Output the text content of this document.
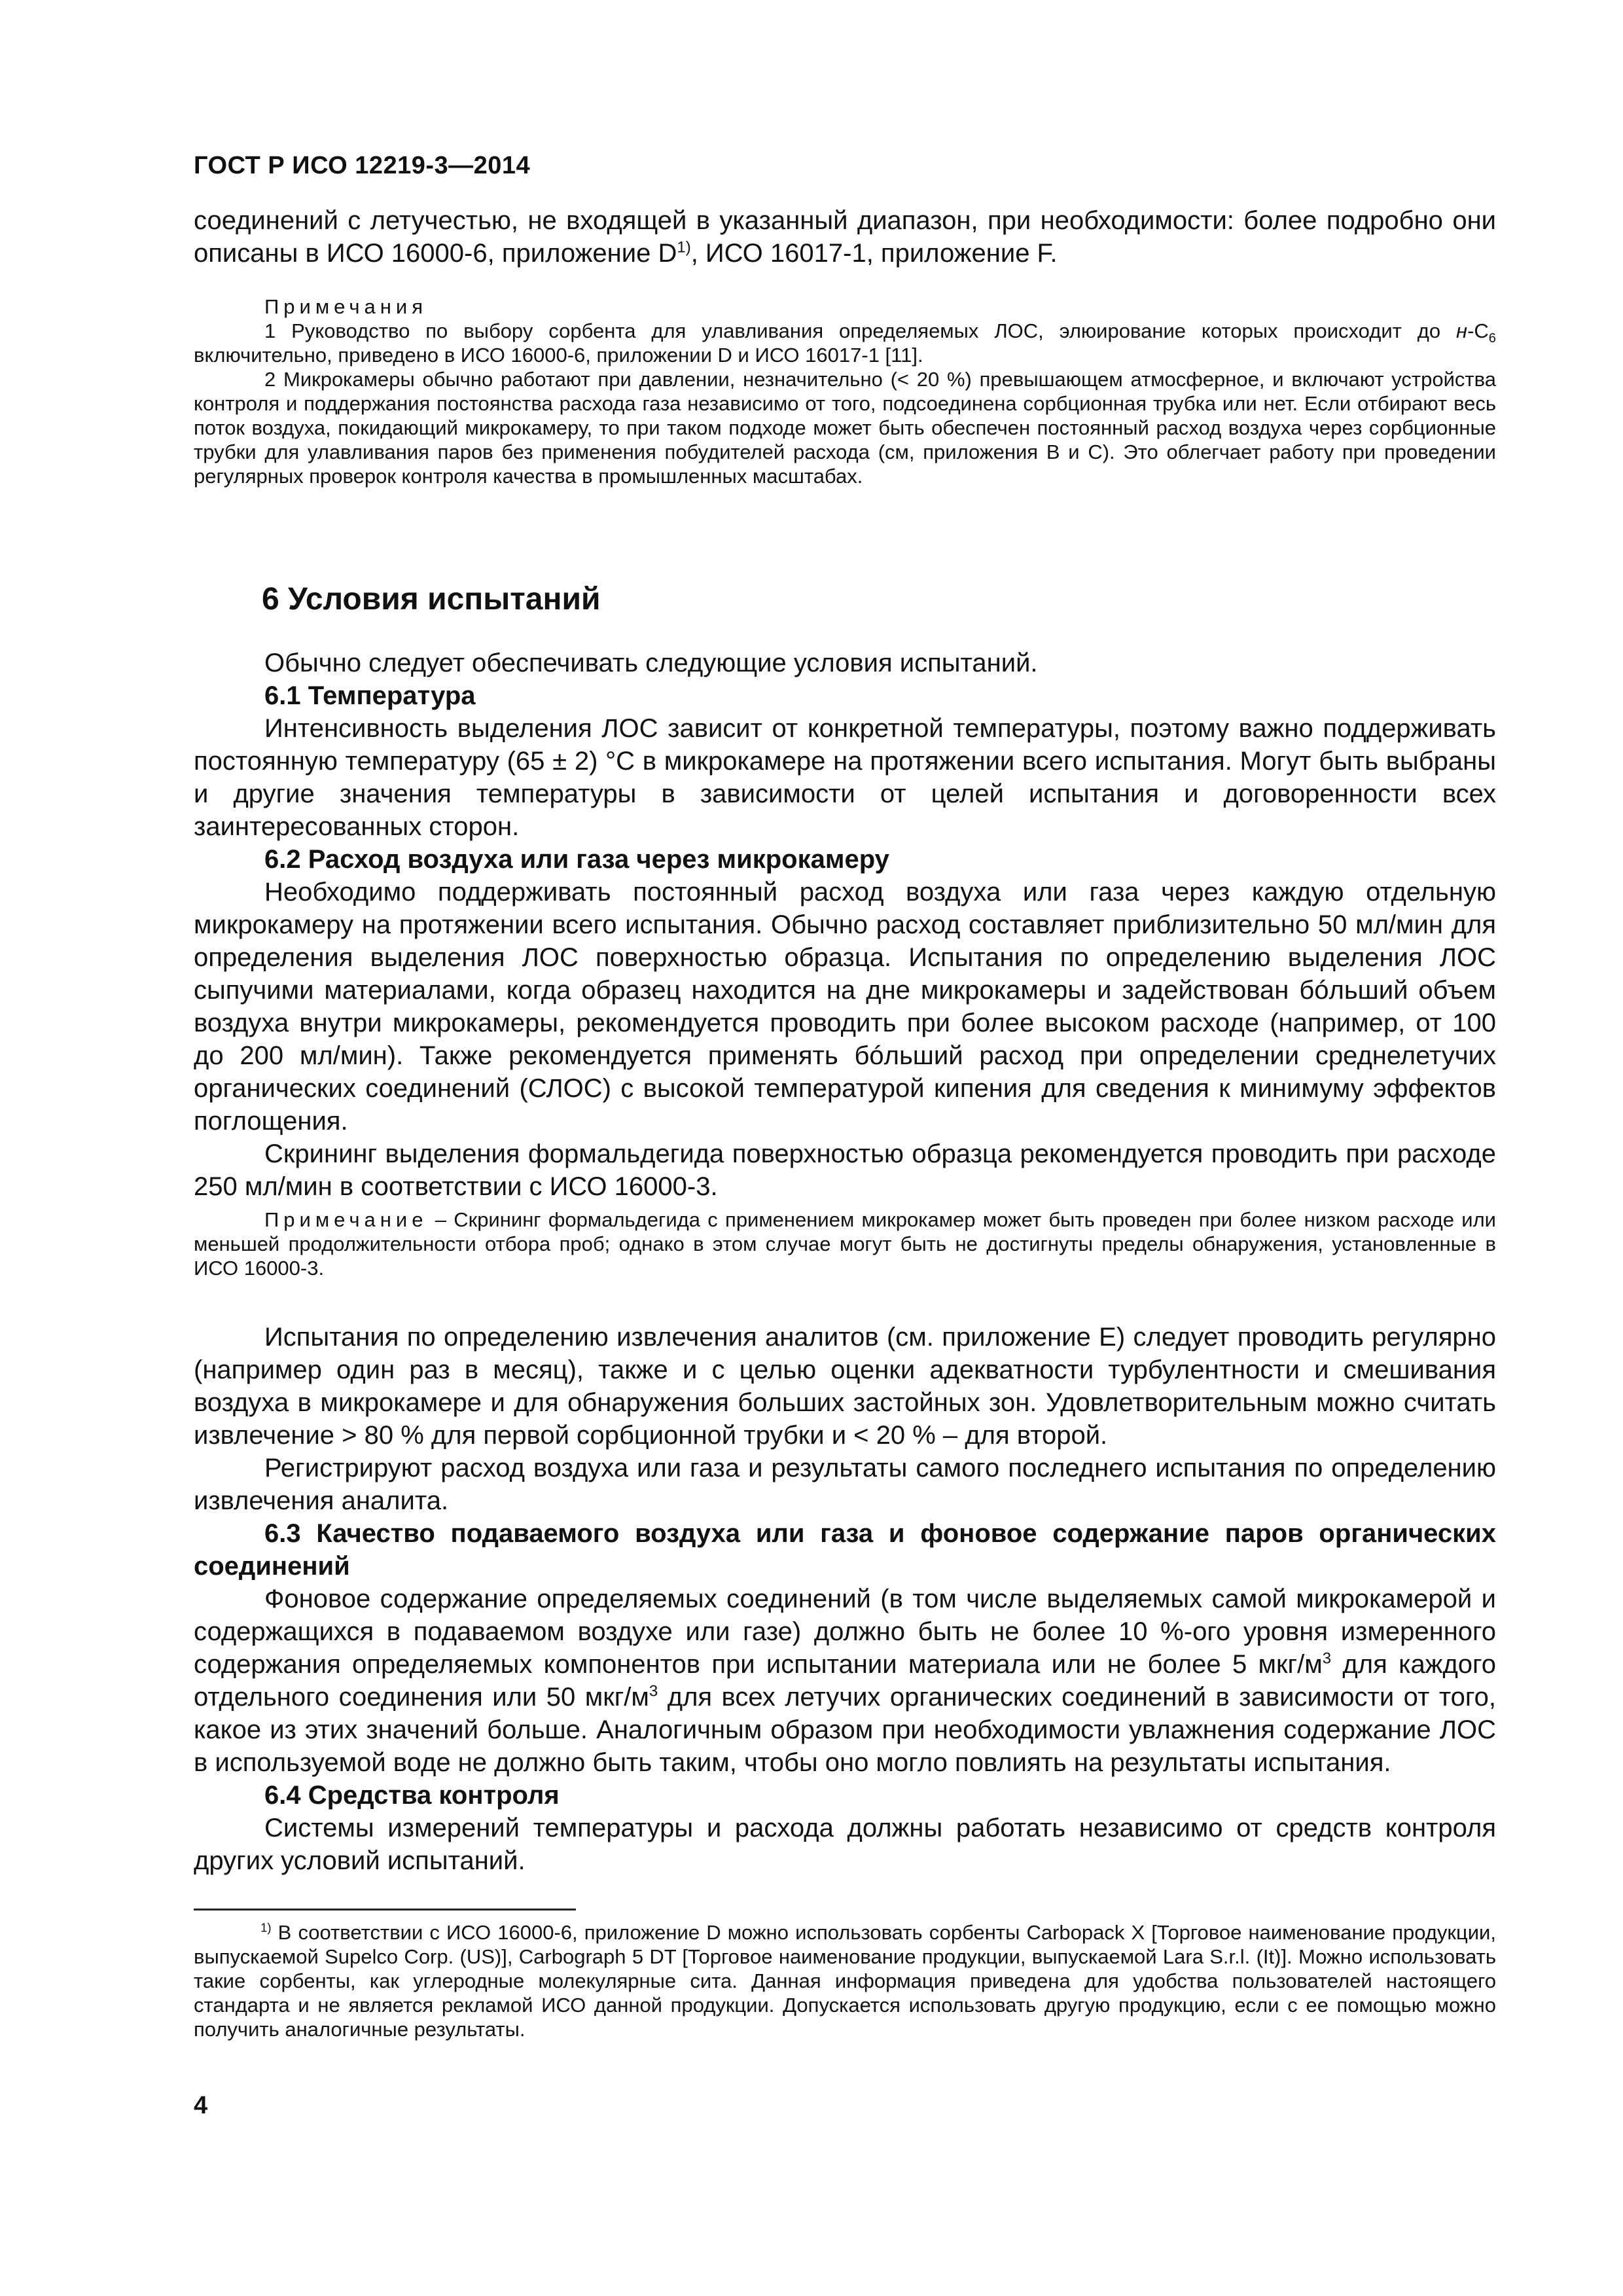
ГОСТ Р ИСО 12219-3—2014

соединений с летучестью, не входящей в указанный диапазон, при необходимости: более подробно они описаны в ИСО 16000-6, приложение $D^{1)}$, ИСО 16017-1, приложение F.

Примечания

1 Руководство по выбору сорбента для улавливания определяемых ЛОС, элюирование которых происходит до $н-C_6$ включительно, приведено в ИСО 16000-6, приложении D и ИСО 16017-1 [11].

2 Микрокамеры обычно работают при давлении, незначительно (< 20 %) превышающем атмосферное, и включают устройства контроля и поддержания постоянства расхода газа независимо от того, подсоединена сорбционная трубка или нет. Если отбирают весь поток воздуха, покидающий микрокамеру, то при таком подходе может быть обеспечен постоянный расход воздуха через сорбционные трубки для улавливания паров без применения побудителей расхода (см, приложения В и С). Это облегчает работу при проведении регулярных проверок контроля качества в промышленных масштабах.

6 Условия испытаний

Обычно следует обеспечивать следующие условия испытаний.

6.1 Температура

Интенсивность выделения ЛОС зависит от конкретной температуры, поэтому важно поддерживать постоянную температуру (65 ± 2) °С в микрокамере на протяжении всего испытания. Могут быть выбраны и другие значения температуры в зависимости от целей испытания и договоренности всех заинтересованных сторон.

6.2 Расход воздуха или газа через микрокамеру

Необходимо поддерживать постоянный расход воздуха или газа через каждую отдельную микрокамеру на протяжении всего испытания. Обычно расход составляет приблизительно 50 мл/мин для определения выделения ЛОС поверхностью образца. Испытания по определению выделения ЛОС сыпучими материалами, когда образец находится на дне микрокамеры и задействован бóльший объем воздуха внутри микрокамеры, рекомендуется проводить при более высоком расходе (например, от 100 до 200 мл/мин). Также рекомендуется применять бóльший расход при определении среднелетучих органических соединений (СЛОС) с высокой температурой кипения для сведения к минимуму эффектов поглощения.

Скрининг выделения формальдегида поверхностью образца рекомендуется проводить при расходе 250 мл/мин в соответствии с ИСО 16000-3.

Примечание – Скрининг формальдегида с применением микрокамер может быть проведен при более низком расходе или меньшей продолжительности отбора проб; однако в этом случае могут быть не достигнуты пределы обнаружения, установленные в ИСО 16000-3.

Испытания по определению извлечения аналитов (см. приложение Е) следует проводить регулярно (например один раз в месяц), также и с целью оценки адекватности турбулентности и смешивания воздуха в микрокамере и для обнаружения больших застойных зон. Удовлетворительным можно считать извлечение > 80 % для первой сорбционной трубки и < 20 % – для второй.

Регистрируют расход воздуха или газа и результаты самого последнего испытания по определению извлечения аналита.

6.3 Качество подаваемого воздуха или газа и фоновое содержание паров органических соединений

Фоновое содержание определяемых соединений (в том числе выделяемых самой микрокамерой и содержащихся в подаваемом воздухе или газе) должно быть не более 10 %-ого уровня измеренного содержания определяемых компонентов при испытании материала или не более 5 мкг/$м^3$ для каждого отдельного соединения или 50 мкг/$м^3$ для всех летучих органических соединений в зависимости от того, какое из этих значений больше. Аналогичным образом при необходимости увлажнения содержание ЛОС в используемой воде не должно быть таким, чтобы оно могло повлиять на результаты испытания.

6.4 Средства контроля

Системы измерений температуры и расхода должны работать независимо от средств контроля других условий испытаний.

$^{1)}$ В соответствии с ИСО 16000-6, приложение D можно использовать сорбенты Carbopack X [Торговое наименование продукции, выпускаемой Supelco Corp. (US)], Carbograph 5 DT [Торговое наименование продукции, выпускаемой Lara S.r.l. (It)]. Можно использовать такие сорбенты, как углеродные молекулярные сита. Данная информация приведена для удобства пользователей настоящего стандарта и не является рекламой ИСО данной продукции. Допускается использовать другую продукцию, если с ее помощью можно получить аналогичные результаты.

4
